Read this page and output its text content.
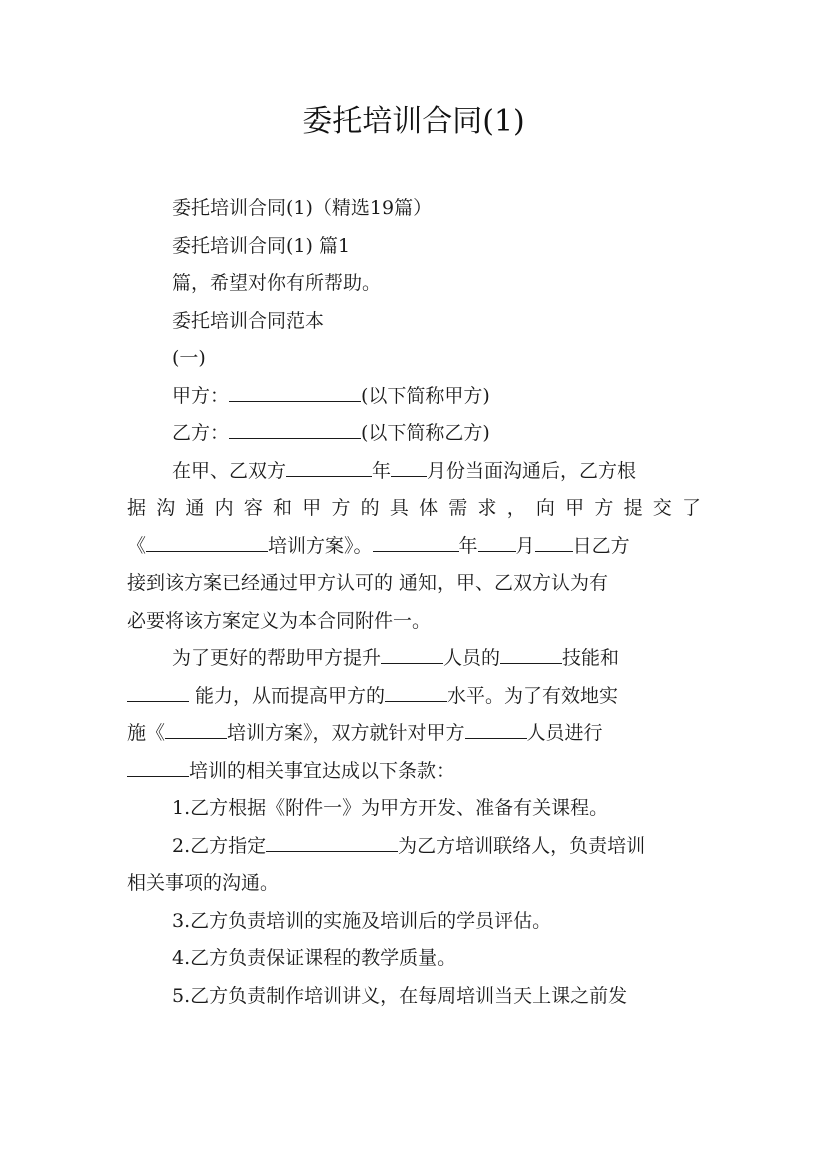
委托培训合同(1)
委托培训合同(1)（精选19篇）
委托培训合同(1) 篇1
篇，希望对你有所帮助。
委托培训合同范本
(一)
甲方：	(以下简称甲方)
乙方：	(以下简称乙方)
在甲、乙双方	年 月份当面沟通后，乙方根
据沟通内容和甲方的具体需求，向甲方提交了
《	培训方案》。	年 月 日乙方
接到该方案已经通过甲方认可的 通知，甲、乙双方认为有
必要将该方案定义为本合同附件一。
为了更好的帮助甲方提升	人员的	技能和
能力，从而提高甲方的	水平。为了有效地实
施《	培训方案》，双方就针对甲方	人员进行
培训的相关事宜达成以下条款：
1.乙方根据《附件一》为甲方开发、准备有关课程。
2.乙方指定	为乙方培训联络人，负责培训
相关事项的沟通。
3.乙方负责培训的实施及培训后的学员评估。
4.乙方负责保证课程的教学质量。
5.乙方负责制作培训讲义，在每周培训当天上课之前发
